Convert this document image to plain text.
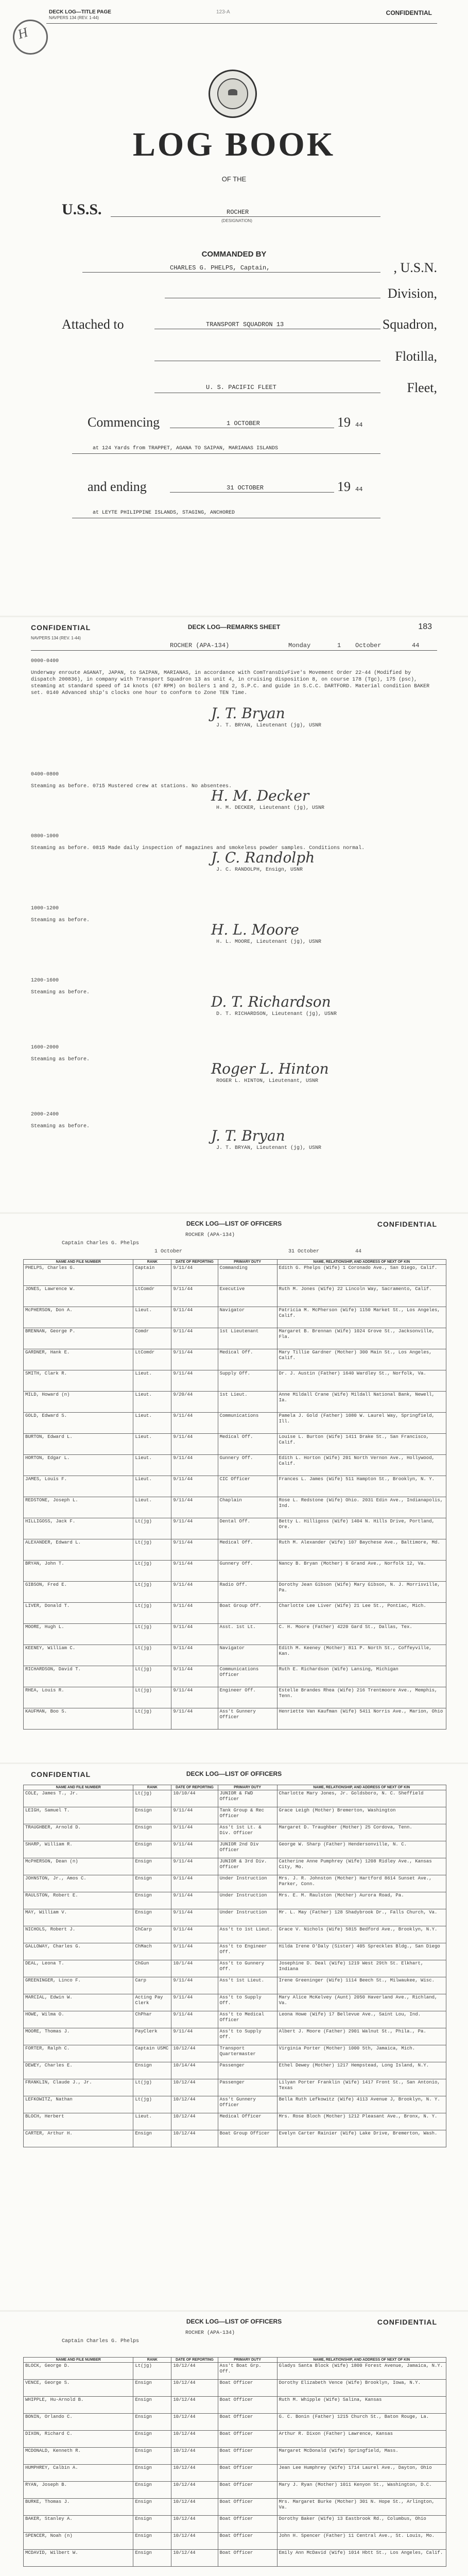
H
NAVPERS 134 (REV. 1-44)
DECK LOG—TITLE PAGE	123-A	CONFIDENTIAL
LOG BOOK
OF THE
U.S.S.	ROCHER
(DESIGNATION)
COMMANDED BY
CHARLES G. PHELPS, Captain,	, U.S.N.
Division,
Attached to	TRANSPORT SQUADRON 13	Squadron,
Flotilla,
U. S. PACIFIC FLEET	Fleet,
Commencing	1 OCTOBER	19 44
at 124 Yards from TRAPPET, AGANA TO SAIPAN, MARIANAS ISLANDS
and ending	31 OCTOBER	19 44
at LEYTE PHILIPPINE ISLANDS, STAGING, ANCHORED
CONFIDENTIAL	DECK LOG—REMARKS SHEET	183
NAVPERS 134 (REV. 1-44)
ROCHER (APA-134)	Monday	1 October	44
0000-0400
Underway enroute AGANAT, JAPAN, to SAIPAN, MARIANAS, in accordance with ComTransDivFive's Movement Order 22-44 (Modified by dispatch 200836), in company with Transport Squadron 13 as unit 4, in cruising disposition 8, on course 178 (Tgc), 175 (psc), steaming at standard speed of 14 knots (67 RPM) on boilers 1 and 2, S.P.C. and guide in S.C.C. DARTFORD. Material condition BAKER set. 0140 Advanced ship's clocks one hour to conform to Zone TEN Time.
J. T. Bryan
J. T. BRYAN, Lieutenant (jg), USNR
0400-0800
Steaming as before. 0715 Mustered crew at stations. No absentees.
H. M. Decker
H. M. DECKER, Lieutenant (jg), USNR
0800-1000
Steaming as before. 0815 Made daily inspection of magazines and smokeless powder samples. Conditions normal.
J. C. Randolph
J. C. RANDOLPH, Ensign, USNR
1000-1200
Steaming as before.
H. L. Moore
H. L. MOORE, Lieutenant (jg), USNR
1200-1600
Steaming as before.
D. T. Richardson
D. T. RICHARDSON, Lieutenant (jg), USNR
1600-2000
Steaming as before.
Roger L. Hinton
ROGER L. HINTON, Lieutenant, USNR
2000-2400
Steaming as before.
J. T. Bryan
J. T. BRYAN, Lieutenant (jg), USNR
DECK LOG—LIST OF OFFICERS	CONFIDENTIAL
ROCHER (APA-134)
Captain Charles G. Phelps
1 October	31 October	44
NAME AND FILE NUMBER	RANK	DATE OF REPORTING	PRIMARY DUTY	NAME, RELATIONSHIP, AND ADDRESS OF NEXT OF KIN
PHELPS, Charles G.	Captain	9/11/44	Commanding	Edith G. Phelps (Wife) 1 Coronado Ave., San Diego, Calif.
JONES, Lawrence W.	LtComdr	9/11/44	Executive	Ruth M. Jones (Wife) 22 Lincoln Way, Sacramento, Calif.
McPHERSON, Don A.	Lieut.	9/11/44	Navigator	Patricia M. McPherson (Wife) 1150 Market St., Los Angeles, Calif.
BRENNAN, George P.	Comdr	9/11/44	1st Lieutenant	Margaret B. Brennan (Wife) 1024 Grove St., Jacksonville, Fla.
GARDNER, Hank E.	LtComdr	9/11/44	Medical Off.	Mary Tillie Gardner (Mother) 300 Main St., Los Angeles, Calif.
SMITH, Clark R.	Lieut.	9/11/44	Supply Off.	Dr. J. Austin (Father) 1640 Wardley St., Norfolk, Va.
MILD, Howard (n)	Lieut.	9/20/44	1st Lieut.	Anne Mildall Crane (Wife) Mildall National Bank, Newell, Ia.
GOLD, Edward S.	Lieut.	9/11/44	Communications	Pamela J. Gold (Father) 1080 W. Laurel Way, Springfield, Ill.
BURTON, Edward L.	Lieut.	9/11/44	Medical Off.	Louise L. Burton (Wife) 1411 Drake St., San Francisco, Calif.
HORTON, Edgar L.	Lieut.	9/11/44	Gunnery Off.	Edith L. Horton (Wife) 201 North Vernon Ave., Hollywood, Calif.
JAMES, Louis F.	Lieut.	9/11/44	CIC Officer	Frances L. James (Wife) 511 Hampton St., Brooklyn, N. Y.
REDSTONE, Joseph L.	Lieut.	9/11/44	Chaplain	Rose L. Redstone (Wife) Ohio. 2031 Edin Ave., Indianapolis, Ind.
HILLIGOSS, Jack F.	Lt(jg)	9/11/44	Dental Off.	Betty L. Hilligoss (Wife) 1404 N. Hills Drive, Portland, Ore.
ALEXANDER, Edward L.	Lt(jg)	9/11/44	Medical Off.	Ruth M. Alexander (Wife) 107 Baychese Ave., Baltimore, Md.
BRYAN, John T.	Lt(jg)	9/11/44	Gunnery Off.	Nancy B. Bryan (Mother) 6 Grand Ave., Norfolk 12, Va.
GIBSON, Fred E.	Lt(jg)	9/11/44	Radio Off.	Dorothy Jean Gibson (Wife) Mary Gibson, N. J. Morrisville, Pa.
LIVER, Donald T.	Lt(jg)	9/11/44	Boat Group Off.	Charlotte Lee Liver (Wife) 21 Lee St., Pontiac, Mich.
MOORE, Hugh L.	Lt(jg)	9/11/44	Asst. 1st Lt.	C. H. Moore (Father) 4220 Gard St., Dallas, Tex.
KEENEY, William C.	Lt(jg)	9/11/44	Navigator	Edith M. Keeney (Mother) 811 P. North St., Coffeyville, Kan.
RICHARDSON, David T.	Lt(jg)	9/11/44	Communications Officer	Ruth E. Richardson (Wife) Lansing, Michigan
RHEA, Louis R.	Lt(jg)	9/11/44	Engineer Off.	Estelle Brandes Rhea (Wife) 216 Trentmoore Ave., Memphis, Tenn.
KAUFMAN, Boo S.	Lt(jg)	9/11/44	Ass't Gunnery Officer	Henriette Van Kaufman (Wife) 5411 Norris Ave., Marion, Ohio
CONFIDENTIAL	DECK LOG—LIST OF OFFICERS
NAME AND FILE NUMBER	RANK	DATE OF REPORTING	PRIMARY DUTY	NAME, RELATIONSHIP, AND ADDRESS OF NEXT OF KIN
COLE, James T., Jr.	Lt(jg)	10/10/44	JUNIOR & FWD Officer	Charlotte Mary Jones, Jr. Goldsboro, N. C. Sheffield
LEIGH, Samuel T.	Ensign	9/11/44	Tank Group & Rec Officer	Grace Leigh (Mother) Bremerton, Washington
TRAUGHBER, Arnold D.	Ensign	9/11/44	Ass't 1st Lt. & Div. Officer	Margaret D. Traughber (Mother) 25 Cordova, Tenn.
SHARP, William R.	Ensign	9/11/44	JUNIOR 2nd Div Officer	George W. Sharp (Father) Hendersonville, N. C.
McPHERSON, Dean (n)	Ensign	9/11/44	JUNIOR & 3rd Div. Officer	Catherine Anne Pumphrey (Wife) 1208 Ridley Ave., Kansas City, Mo.
JOHNSTON, Jr., Amos C.	Ensign	9/11/44	Under Instruction	Mrs. J. R. Johnston (Mother) Hartford 8614 Sunset Ave., Parker, Conn.
RAULSTON, Robert E.	Ensign	9/11/44	Under Instruction	Mrs. E. M. Raulston (Mother) Aurora Road, Pa.
MAY, William V.	Ensign	9/11/44	Under Instruction	Mr. L. May (Father) 128 Shadybrook Dr., Falls Church, Va.
NICHOLS, Robert J.	ChCarp	9/11/44	Ass't to 1st Lieut.	Grace V. Nichols (Wife) 5815 Bedford Ave., Brooklyn, N.Y.
GALLOWAY, Charles G.	ChMach	9/11/44	Ass't to Engineer Off.	Hilda Irene O'Daly (Sister) 405 Spreckles Bldg., San Diego
DEAL, Leona T.	ChGun	10/1/44	Ass't to Gunnery Off.	Josephine D. Deal (Wife) 1219 West 29th St. Elkhart, Indiana
GREENINGER, Linco F.	Carp	9/11/44	Ass't 1st Lieut.	Irene Greeninger (Wife) 1114 Beech St., Milwaukee, Wisc.
MARCIAL, Edwin W.	Acting Pay Clerk	9/11/44	Ass't to Supply Off.	Mary Alice McKelvey (Aunt) 2050 Haverland Ave., Richland, Va.
HOWE, Wilma O.	ChPhar	9/11/44	Ass't to Medical Officer	Leona Howe (Wife) 17 Bellevue Ave., Saint Lou, Ind.
MOORE, Thomas J.	PayClerk	9/11/44	Ass't to Supply Off.	Albert J. Moore (Father) 2901 Walnut St., Phila., Pa.
FORTER, Ralph C.	Captain USMC	10/12/44	Transport Quartermaster	Virginia Porter (Mother) 1000 5th, Jamaica, Mich.
DEWEY, Charles E.	Ensign	10/14/44	Passenger	Ethel Dewey (Mother) 1217 Hempstead, Long Island, N.Y.
FRANKLIN, Claude J., Jr.	Lt(jg)	10/12/44	Passenger	Lilyan Porter Franklin (Wife) 1417 Front St., San Antonio, Texas
LEFKOWITZ, Nathan	Lt(jg)	10/12/44	Ass't Gunnery Officer	Bella Ruth Lefkowitz (Wife) 4113 Avenue J, Brooklyn, N. Y.
BLOCH, Herbert	Lieut.	10/12/44	Medical Officer	Mrs. Rose Bloch (Mother) 1212 Pleasant Ave., Bronx, N. Y.
CARTER, Arthur H.	Ensign	10/12/44	Boat Group Officer	Evelyn Carter Rainier (Wife) Lake Drive, Bremerton, Wash.
DECK LOG—LIST OF OFFICERS	CONFIDENTIAL
ROCHER (APA-134)
Captain Charles G. Phelps
NAME AND FILE NUMBER	RANK	DATE OF REPORTING	PRIMARY DUTY	NAME, RELATIONSHIP, AND ADDRESS OF NEXT OF KIN
BLOCK, George D.	Lt(jg)	10/12/44	Ass't Boat Grp. Off.	Gladys Santa Block (Wife) 1800 Forest Avenue, Jamaica, N.Y.
VENCE, George S.	Ensign	10/12/44	Boat Officer	Dorothy Elizabeth Vence (Wife) Brooklyn, Iowa, N.Y.
WHIPPLE, Hu-Arnold B.	Ensign	10/12/44	Boat Officer	Ruth M. Whipple (Wife) Salina, Kansas
BONIN, Orlando C.	Ensign	10/12/44	Boat Officer	G. C. Bonin (Father) 1215 Church St., Baton Rouge, La.
DIXON, Richard C.	Ensign	10/12/44	Boat Officer	Arthur R. Dixon (Father) Lawrence, Kansas
MCDONALD, Kenneth R.	Ensign	10/12/44	Boat Officer	Margaret McDonald (Wife) Springfield, Mass.
HUMPHREY, Calbin A.	Ensign	10/12/44	Boat Officer	Jean Lee Humphrey (Wife) 1714 Laurel Ave., Dayton, Ohio
RYAN, Joseph B.	Ensign	10/12/44	Boat Officer	Mary J. Ryan (Mother) 1011 Kenyon St., Washington, D.C.
BURKE, Thomas J.	Ensign	10/12/44	Boat Officer	Mrs. Margaret Burke (Mother) 301 N. Hope St., Arlington, Va.
BAKER, Stanley A.	Ensign	10/12/44	Boat Officer	Dorothy Baker (Wife) 13 Eastbrook Rd., Columbus, Ohio
SPENCER, Noah (n)	Ensign	10/12/44	Boat Officer	John H. Spencer (Father) 11 Central Ave., St. Louis, Mo.
MCDAVID, Wilbert W.	Ensign	10/12/44	Boat Officer	Emily Ann McDavid (Wife) 1014 Hbtt St., Los Angeles, Calif.
